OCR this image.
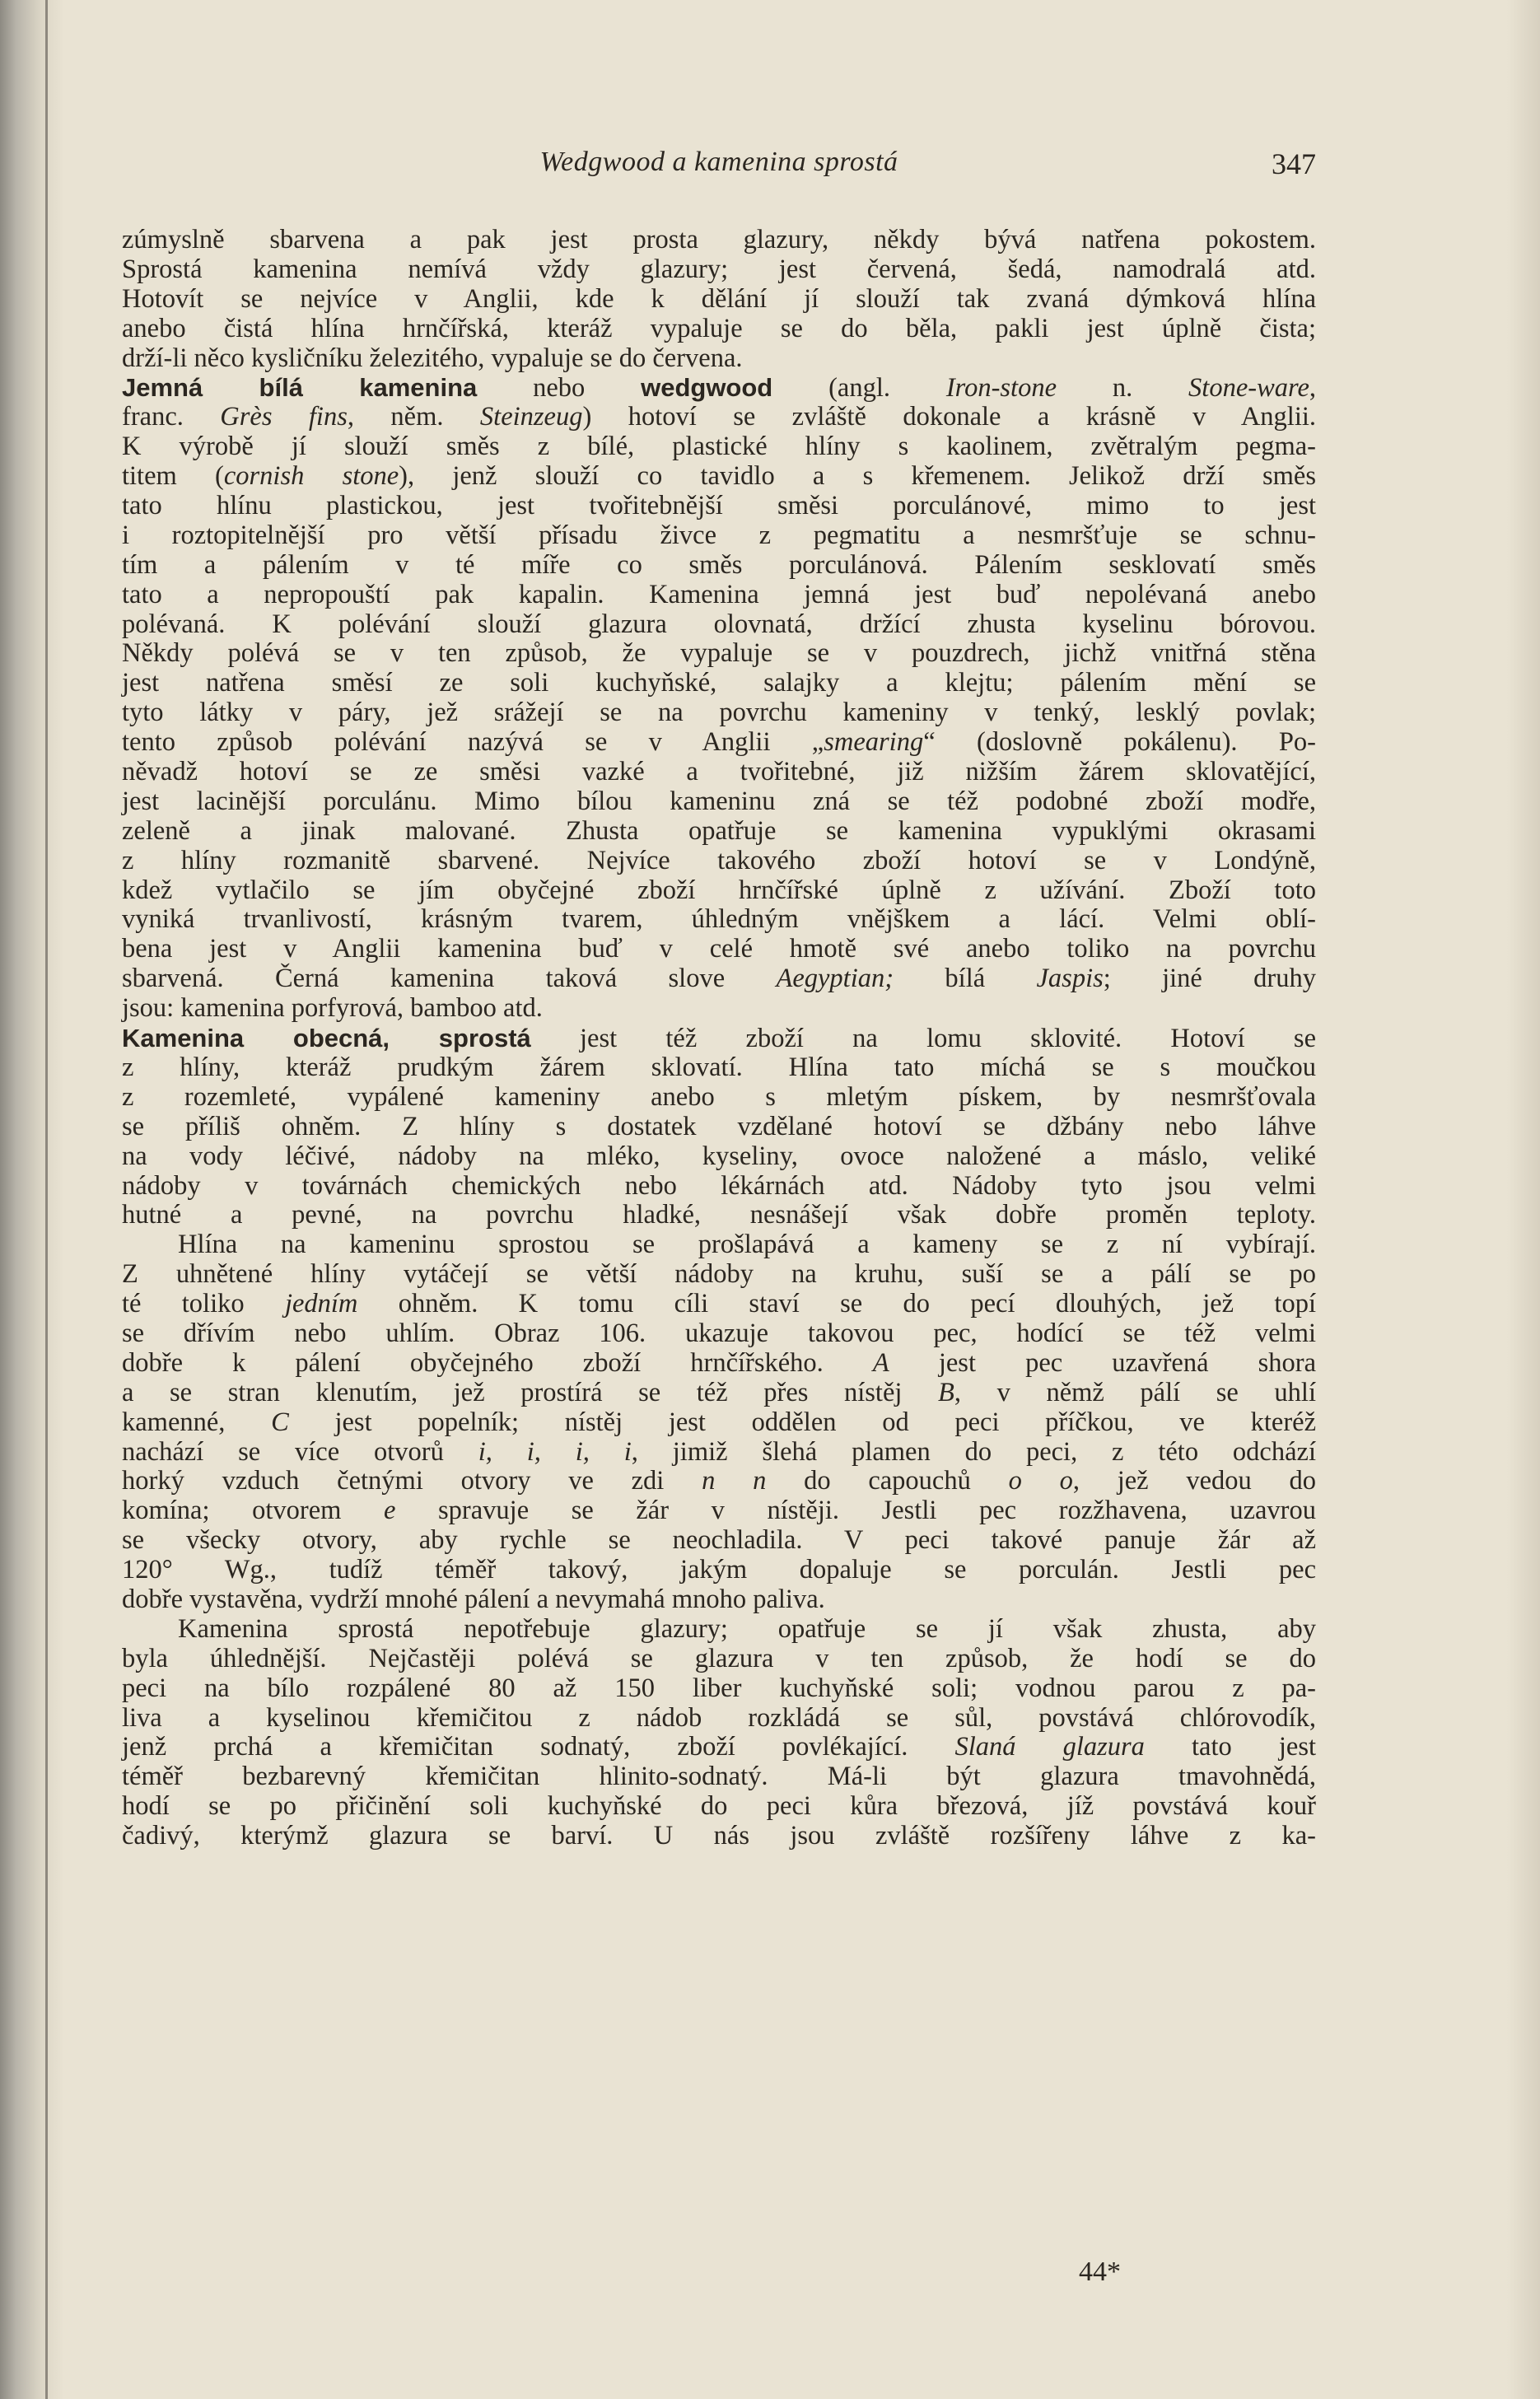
Wedgwood a kamenina sprostá	347
zúmyslně sbarvena a pak jest prosta glazury, někdy bývá natřena pokostem.
Sprostá kamenina nemívá vždy glazury; jest červená, šedá, namodralá atd.
Hotovít se nejvíce v Anglii, kde k dělání jí slouží tak zvaná dýmková hlína
anebo čistá hlína hrnčířská, kteráž vypaluje se do běla, pakli jest úplně čista;
drží-li něco kysličníku železitého, vypaluje se do červena.
Jemná bílá kamenina nebo wedgwood (angl. Iron-stone n. Stone-ware,
franc. Grès fins, něm. Steinzeug) hotoví se zvláště dokonale a krásně v Anglii.
K výrobě jí slouží směs z bílé, plastické hlíny s kaolinem, zvětralým pegma-
titem (cornish stone), jenž slouží co tavidlo a s křemenem. Jelikož drží směs
tato hlínu plastickou, jest tvořitebnější směsi porculánové, mimo to jest
i roztopitelnější pro větší přísadu živce z pegmatitu a nesmršťuje se schnu-
tím a pálením v té míře co směs porculánová. Pálením sesklovatí směs
tato a nepropouští pak kapalin. Kamenina jemná jest buď nepolévaná anebo
polévaná. K polévání slouží glazura olovnatá, držící zhusta kyselinu bórovou.
Někdy polévá se v ten způsob, že vypaluje se v pouzdrech, jichž vnitřná stěna
jest natřena směsí ze soli kuchyňské, salajky a klejtu; pálením mění se
tyto látky v páry, jež srážejí se na povrchu kameniny v tenký, lesklý povlak;
tento způsob polévání nazývá se v Anglii „smearing“ (doslovně pokálenu). Po-
něvadž hotoví se ze směsi vazké a tvořitebné, již nižším žárem sklovatějící,
jest lacinější porculánu. Mimo bílou kameninu zná se též podobné zboží modře,
zeleně a jinak malované. Zhusta opatřuje se kamenina vypuklými okrasami
z hlíny rozmanitě sbarvené. Nejvíce takového zboží hotoví se v Londýně,
kdež vytlačilo se jím obyčejné zboží hrnčířské úplně z užívání. Zboží toto
vyniká trvanlivostí, krásným tvarem, úhledným vnějškem a lácí. Velmi oblí-
bena jest v Anglii kamenina buď v celé hmotě své anebo toliko na povrchu
sbarvená. Černá kamenina taková slove Aegyptian; bílá Jaspis; jiné druhy
jsou: kamenina porfyrová, bamboo atd.
Kamenina obecná, sprostá jest též zboží na lomu sklovité. Hotoví se
z hlíny, kteráž prudkým žárem sklovatí. Hlína tato míchá se s moučkou
z rozemleté, vypálené kameniny anebo s mletým pískem, by nesmršťovala
se příliš ohněm. Z hlíny s dostatek vzdělané hotoví se džbány nebo láhve
na vody léčivé, nádoby na mléko, kyseliny, ovoce naložené a máslo, veliké
nádoby v továrnách chemických nebo lékárnách atd. Nádoby tyto jsou velmi
hutné a pevné, na povrchu hladké, nesnášejí však dobře proměn teploty.
Hlína na kameninu sprostou se prošlapává a kameny se z ní vybírají.
Z uhnětené hlíny vytáčejí se větší nádoby na kruhu, suší se a pálí se po
té toliko jedním ohněm. K tomu cíli staví se do pecí dlouhých, jež topí
se dřívím nebo uhlím. Obraz 106. ukazuje takovou pec, hodící se též velmi
dobře k pálení obyčejného zboží hrnčířského. A jest pec uzavřená shora
a se stran klenutím, jež prostírá se též přes nístěj B, v němž pálí se uhlí
kamenné, C jest popelník; nístěj jest oddělen od peci příčkou, ve kteréž
nachází se více otvorů i, i, i, i, jimiž šlehá plamen do peci, z této odchází
horký vzduch četnými otvory ve zdi n n do capouchů o o, jež vedou do
komína; otvorem e spravuje se žár v nístěji. Jestli pec rozžhavena, uzavrou
se všecky otvory, aby rychle se neochladila. V peci takové panuje žár až
120° Wg., tudíž téměř takový, jakým dopaluje se porculán. Jestli pec
dobře vystavěna, vydrží mnohé pálení a nevymahá mnoho paliva.
Kamenina sprostá nepotřebuje glazury; opatřuje se jí však zhusta, aby
byla úhlednější. Nejčastěji polévá se glazura v ten způsob, že hodí se do
peci na bílo rozpálené 80 až 150 liber kuchyňské soli; vodnou parou z pa-
liva a kyselinou křemičitou z nádob rozkládá se sůl, povstává chlórovodík,
jenž prchá a křemičitan sodnatý, zboží povlékající. Slaná glazura tato jest
téměř bezbarevný křemičitan hlinito-sodnatý. Má-li být glazura tmavohnědá,
hodí se po přičinění soli kuchyňské do peci kůra březová, jíž povstává kouř
čadivý, kterýmž glazura se barví. U nás jsou zvláště rozšířeny láhve z ka-
44*
